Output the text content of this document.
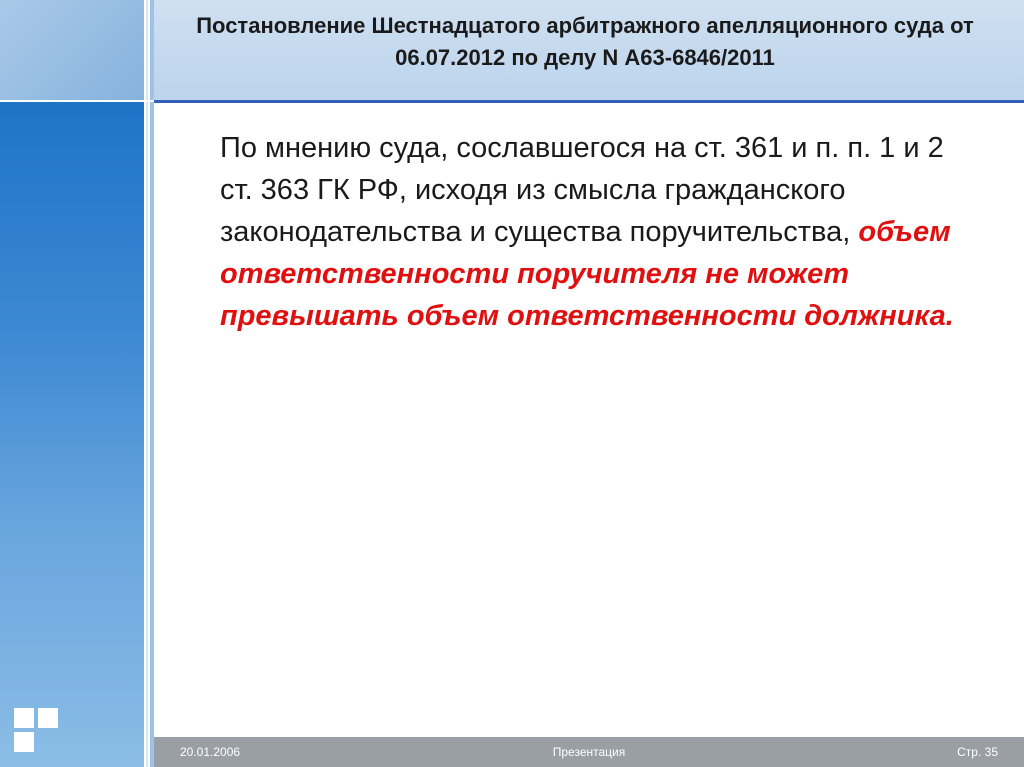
Постановление Шестнадцатого арбитражного апелляционного суда от 06.07.2012 по делу N А63-6846/2011
По мнению суда, сославшегося на ст. 361 и п. п. 1 и 2 ст. 363 ГК РФ, исходя из смысла гражданского законодательства и существа поручительства, объем ответственности поручителя не может превышать объем ответственности должника.
20.01.2006	Презентация	Стр. 35
